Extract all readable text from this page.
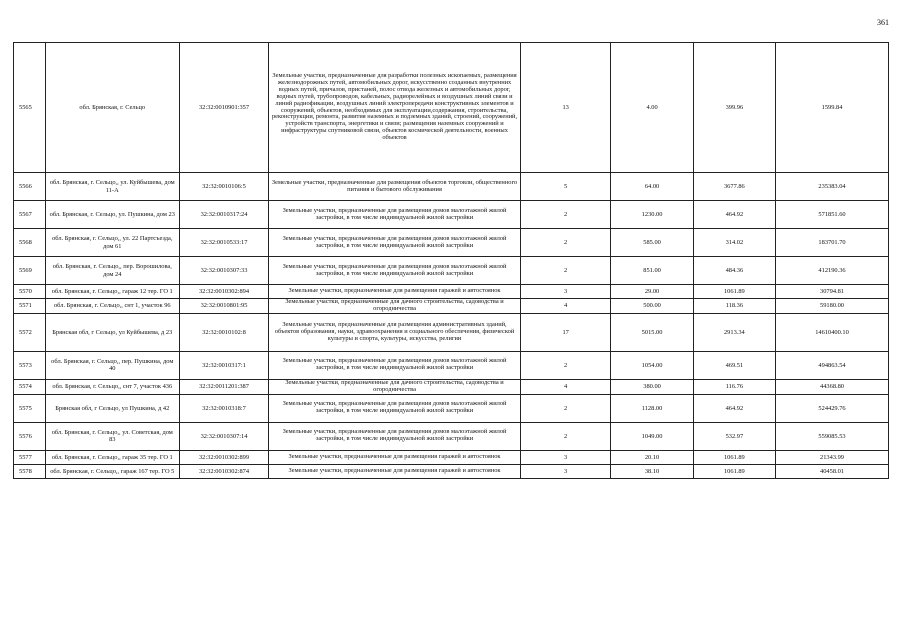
361
5565	обл. Брянская, г. Сельцо	32:32:0010901:357	Земельные участки, предназначенные для разработки полезных ископаемых, размещения железнодорожных путей, автомобильных дорог, искусственно созданных внутренних водных путей, причалов, пристаней, полос отвода железных и автомобильных дорог, водных путей, трубопроводов, кабельных, радиорелейных и воздушных линий связи и линий радиофикации, воздушных линий электропередачи конструктивных элементов и сооружений, объектов, необходимых для эксплуатации,содержания, строительства, реконструкции, ремонта, развития наземных и подземных зданий, строений, сооружений, устройств транспорта, энергетики и связи; размещения наземных сооружений и инфраструктуры спутниковой связи, объектов космической деятельности, военных объектов	13	4.00	399.96	1599.84
5566	обл. Брянская, г. Сельцо,, ул. Куйбышева, дом 11-А	32:32:0010106:5	Земельные участки, предназначенные для размещения объектов торговли, общественного питания и бытового обслуживания	5	64.00	3677.86	235383.04
5567	обл. Брянская, г. Сельцо, ул. Пушкина, дом 23	32:32:0010317:24	Земельные участки, предназначенные для размещения домов малоэтажной жилой застройки, в том числе индивидуальной жилой застройки	2	1230.00	464.92	571851.60
5568	обл. Брянская, г. Сельцо,, ул. 22 Партсъезда, дом 61	32:32:0010533:17	Земельные участки, предназначенные для размещения домов малоэтажной жилой застройки, в том числе индивидуальной жилой застройки	2	585.00	314.02	183701.70
5569	обл. Брянская, г. Сельцо,, пер. Ворошилова, дом 24	32:32:0010307:33	Земельные участки, предназначенные для размещения домов малоэтажной жилой застройки, в том числе индивидуальной жилой застройки	2	851.00	484.36	412190.36
5570	обл. Брянская, г. Сельцо,, гараж 12 тер. ГО 1	32:32:0010302:894	Земельные участки, предназначенные для размещения гаражей и автостоянок	3	29.00	1061.89	30794.81
5571	обл. Брянская, г. Сельцо,, снт 1, участок 96	32:32:0010801:95	Земельные участки, предназначенные для дачного строительства, садоводства и огородничества	4	500.00	118.36	59180.00
5572	Брянская обл, г Сельцо, ул Куйбышева, д 23	32:32:0010102:8	Земельные участки, предназначенные для размещения административных зданий, объектов образования, науки, здравоохранения и социального обеспечения, физической культуры и спорта, культуры, искусства, религии	17	5015.00	2913.34	14610400.10
5573	обл. Брянская, г. Сельцо,, пер. Пушкина, дом 40	32:32:0010317:1	Земельные участки, предназначенные для размещения домов малоэтажной жилой застройки, в том числе индивидуальной жилой застройки	2	1054.00	469.51	494863.54
5574	обл. Брянская, г. Сельцо,, снт 7, участок 436	32:32:0011201:387	Земельные участки, предназначенные для дачного строительства, садоводства и огородничества	4	380.00	116.76	44368.80
5575	Брянская обл, г Сельцо, ул Пушкина, д 42	32:32:0010318:7	Земельные участки, предназначенные для размещения домов малоэтажной жилой застройки, в том числе индивидуальной жилой застройки	2	1128.00	464.92	524429.76
5576	обл. Брянская, г. Сельцо,, ул. Советская, дом 83	32:32:0010307:14	Земельные участки, предназначенные для размещения домов малоэтажной жилой застройки, в том числе индивидуальной жилой застройки	2	1049.00	532.97	559085.53
5577	обл. Брянская, г. Сельцо,, гараж 35 тер. ГО 1	32:32:0010302:899	Земельные участки, предназначенные для размещения гаражей и автостоянок	3	20.10	1061.89	21343.99
5578	обл. Брянская, г. Сельцо,, гараж 167 тер. ГО 5	32:32:0010302:874	Земельные участки, предназначенные для размещения гаражей и автостоянок	3	38.10	1061.89	40458.01
